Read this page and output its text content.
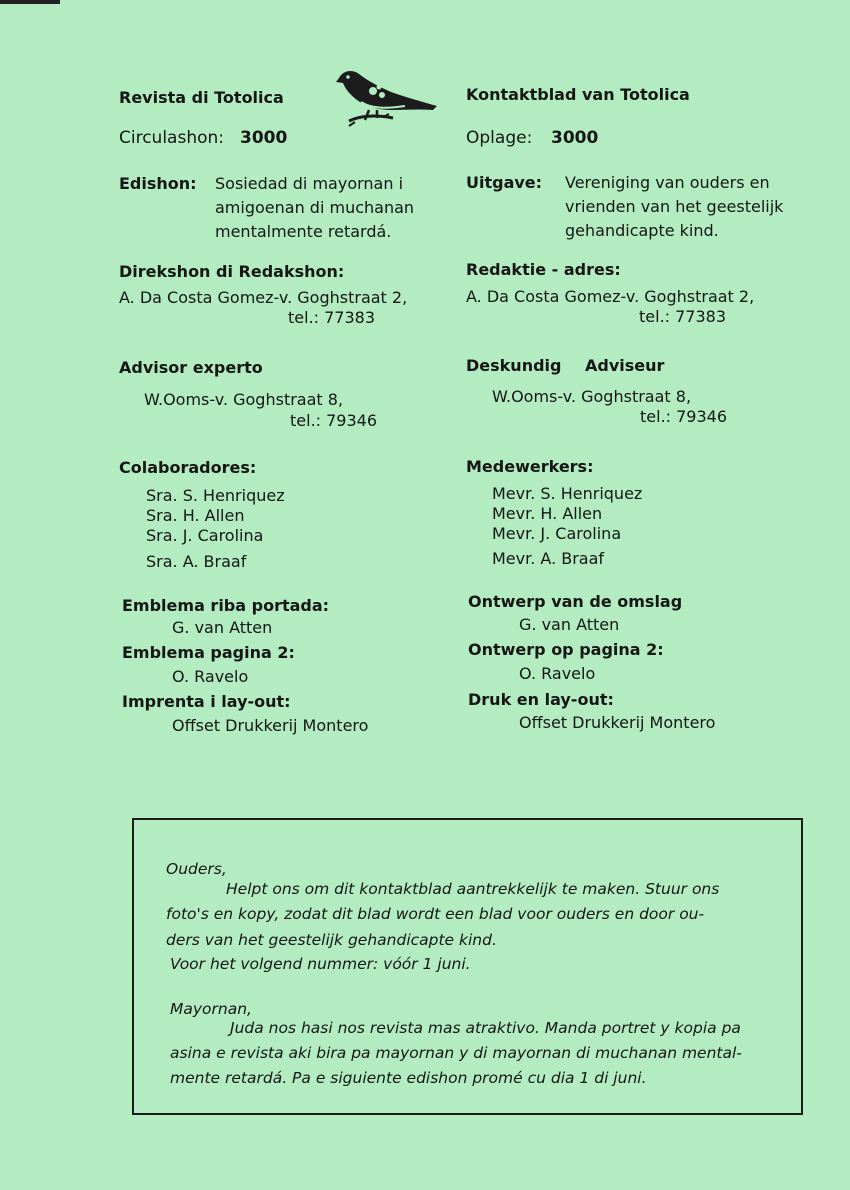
Revista di Totolica
Circulashon: 3000
Edishon: Sosiedad di mayornan i
amigoenan di muchanan
mentalmente retardá.
Direkshon di Redakshon:
A. Da Costa Gomez-v. Goghstraat 2,
tel.: 77383
Advisor experto
W.Ooms-v. Goghstraat 8,
tel.: 79346
Colaboradores:
Sra. S. Henriquez
Sra. H. Allen
Sra. J. Carolina
Sra. A. Braaf
Emblema riba portada:
G. van Atten
Emblema pagina 2:
O. Ravelo
Imprenta i lay-out:
Offset Drukkerij Montero
Kontaktblad van Totolica
Oplage: 3000
Uitgave: Vereniging van ouders en
vrienden van het geestelijk
gehandicapte kind.
Redaktie - adres:
A. Da Costa Gomez-v. Goghstraat 2,
tel.: 77383
Deskundig Adviseur
W.Ooms-v. Goghstraat 8,
tel.: 79346
Medewerkers:
Mevr. S. Henriquez
Mevr. H. Allen
Mevr. J. Carolina
Mevr. A. Braaf
Ontwerp van de omslag
G. van Atten
Ontwerp op pagina 2:
O. Ravelo
Druk en lay-out:
Offset Drukkerij Montero
Ouders,
Helpt ons om dit kontaktblad aantrekkelijk te maken. Stuur ons
foto's en kopy, zodat dit blad wordt een blad voor ouders en door ou-
ders van het geestelijk gehandicapte kind.
Voor het volgend nummer: vóór 1 juni.
Mayornan,
Juda nos hasi nos revista mas atraktivo. Manda portret y kopia pa
asina e revista aki bira pa mayornan y di mayornan di muchanan mental-
mente retardá. Pa e siguiente edishon promé cu dia 1 di juni.
